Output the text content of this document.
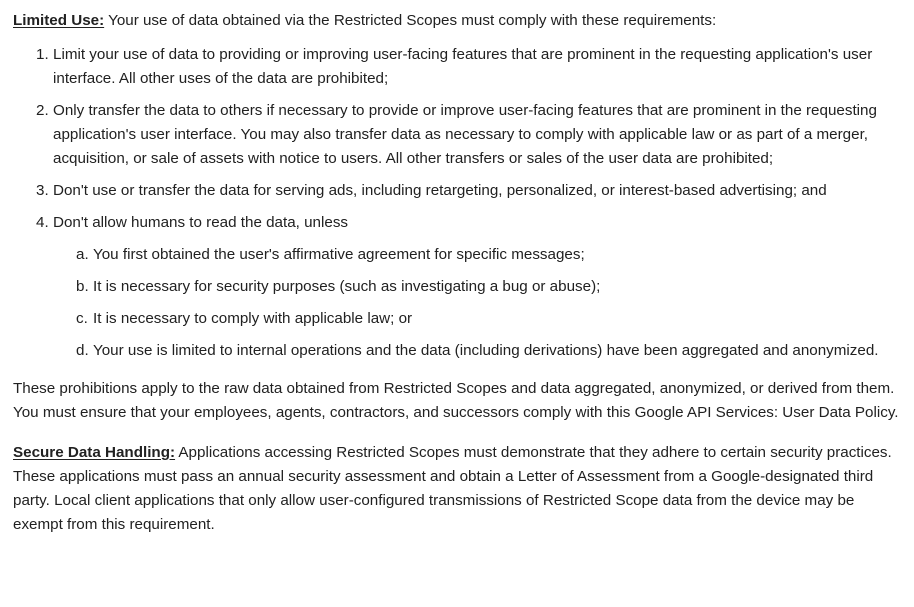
Limited Use: Your use of data obtained via the Restricted Scopes must comply with these requirements:

1. Limit your use of data to providing or improving user-facing features that are prominent in the requesting application's user interface. All other uses of the data are prohibited;
2. Only transfer the data to others if necessary to provide or improve user-facing features that are prominent in the requesting application's user interface. You may also transfer data as necessary to comply with applicable law or as part of a merger, acquisition, or sale of assets with notice to users. All other transfers or sales of the user data are prohibited;
3. Don't use or transfer the data for serving ads, including retargeting, personalized, or interest-based advertising; and
4. Don't allow humans to read the data, unless
a. You first obtained the user's affirmative agreement for specific messages;
b. It is necessary for security purposes (such as investigating a bug or abuse);
c. It is necessary to comply with applicable law; or
d. Your use is limited to internal operations and the data (including derivations) have been aggregated and anonymized.

These prohibitions apply to the raw data obtained from Restricted Scopes and data aggregated, anonymized, or derived from them. You must ensure that your employees, agents, contractors, and successors comply with this Google API Services: User Data Policy.

Secure Data Handling: Applications accessing Restricted Scopes must demonstrate that they adhere to certain security practices. These applications must pass an annual security assessment and obtain a Letter of Assessment from a Google-designated third party. Local client applications that only allow user-configured transmissions of Restricted Scope data from the device may be exempt from this requirement.
